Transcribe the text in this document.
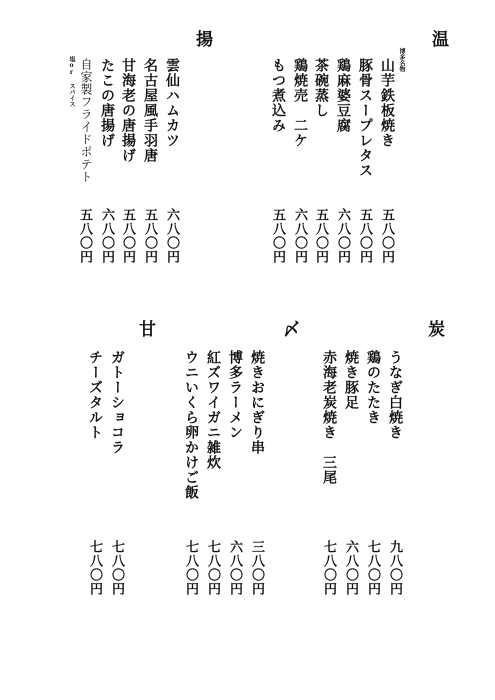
温
揚
炭
〆
甘
博多名物
山芋鉄板焼き
豚骨スープレタス
鶏麻婆豆腐
茶碗蒸し
鶏焼売　二ケ
もつ煮込み
五八〇円
五八〇円
六八〇円
五八〇円
六八〇円
五八〇円
雲仙ハムカツ
名古屋風手羽唐
甘海老の唐揚げ
たこの唐揚げ
自家製フライドポテト
塩or スパイス
六八〇円
五八〇円
五八〇円
六八〇円
五八〇円
うなぎ白焼き
鶏のたたき
焼き豚足
赤海老炭焼き　三尾
九八〇円
七八〇円
六八〇円
七八〇円
焼きおにぎり串
博多ラーメン
紅ズワイガニ雑炊
ウニいくら卵かけご飯
三八〇円
六八〇円
七八〇円
七八〇円
ガトーショコラ
チーズタルト
七八〇円
七八〇円
